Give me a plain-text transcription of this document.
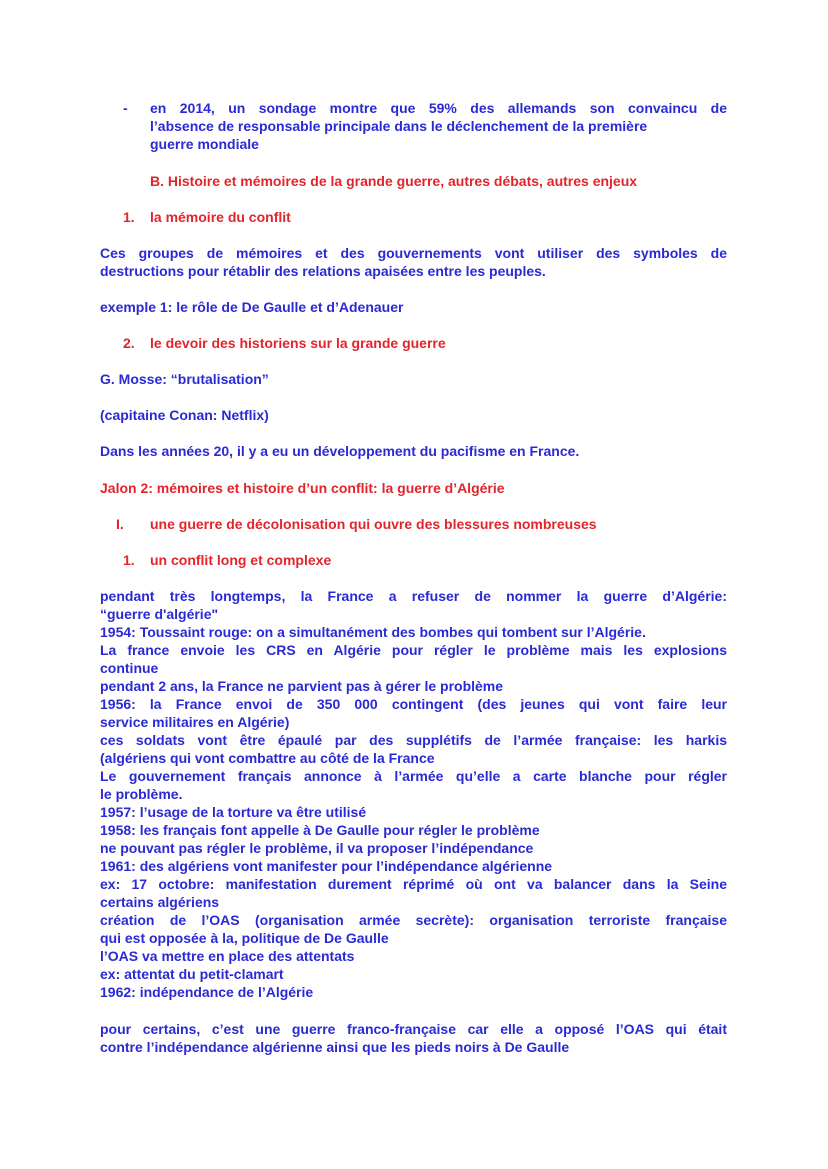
- en 2014, un sondage montre que 59% des allemands son convaincu de
l’absence de responsable principale dans le déclenchement de la première
guerre mondiale
B. Histoire et mémoires de la grande guerre, autres débats, autres enjeux
1. la mémoire du conflit
Ces groupes de mémoires et des gouvernements vont utiliser des symboles de
destructions pour rétablir des relations apaisées entre les peuples.
exemple 1: le rôle de De Gaulle et d’Adenauer
2. le devoir des historiens sur la grande guerre
G. Mosse: “brutalisation”
(capitaine Conan: Netflix)
Dans les années 20, il y a eu un développement du pacifisme en France.
Jalon 2: mémoires et histoire d’un conflit: la guerre d’Algérie
I. une guerre de décolonisation qui ouvre des blessures nombreuses
1. un conflit long et complexe
pendant très longtemps, la France a refuser de nommer la guerre d’Algérie:
“guerre d'algérie"
1954: Toussaint rouge: on a simultanément des bombes qui tombent sur l’Algérie.
La france envoie les CRS en Algérie pour régler le problème mais les explosions
continue
pendant 2 ans, la France ne parvient pas à gérer le problème
1956: la France envoi de 350 000 contingent (des jeunes qui vont faire leur
service militaires en Algérie)
ces soldats vont être épaulé par des supplétifs de l’armée française: les harkis
(algériens qui vont combattre au côté de la France
Le gouvernement français annonce à l’armée qu’elle a carte blanche pour régler
le problème.
1957: l’usage de la torture va être utilisé
1958: les français font appelle à De Gaulle pour régler le problème
ne pouvant pas régler le problème, il va proposer l’indépendance
1961: des algériens vont manifester pour l’indépendance algérienne
ex: 17 octobre: manifestation durement réprimé où ont va balancer dans la Seine
certains algériens
création de l’OAS (organisation armée secrète): organisation terroriste française
qui est opposée à la, politique de De Gaulle
l’OAS va mettre en place des attentats
ex: attentat du petit-clamart
1962: indépendance de l’Algérie
pour certains, c’est une guerre franco-française car elle a opposé l’OAS qui était
contre l’indépendance algérienne ainsi que les pieds noirs à De Gaulle
